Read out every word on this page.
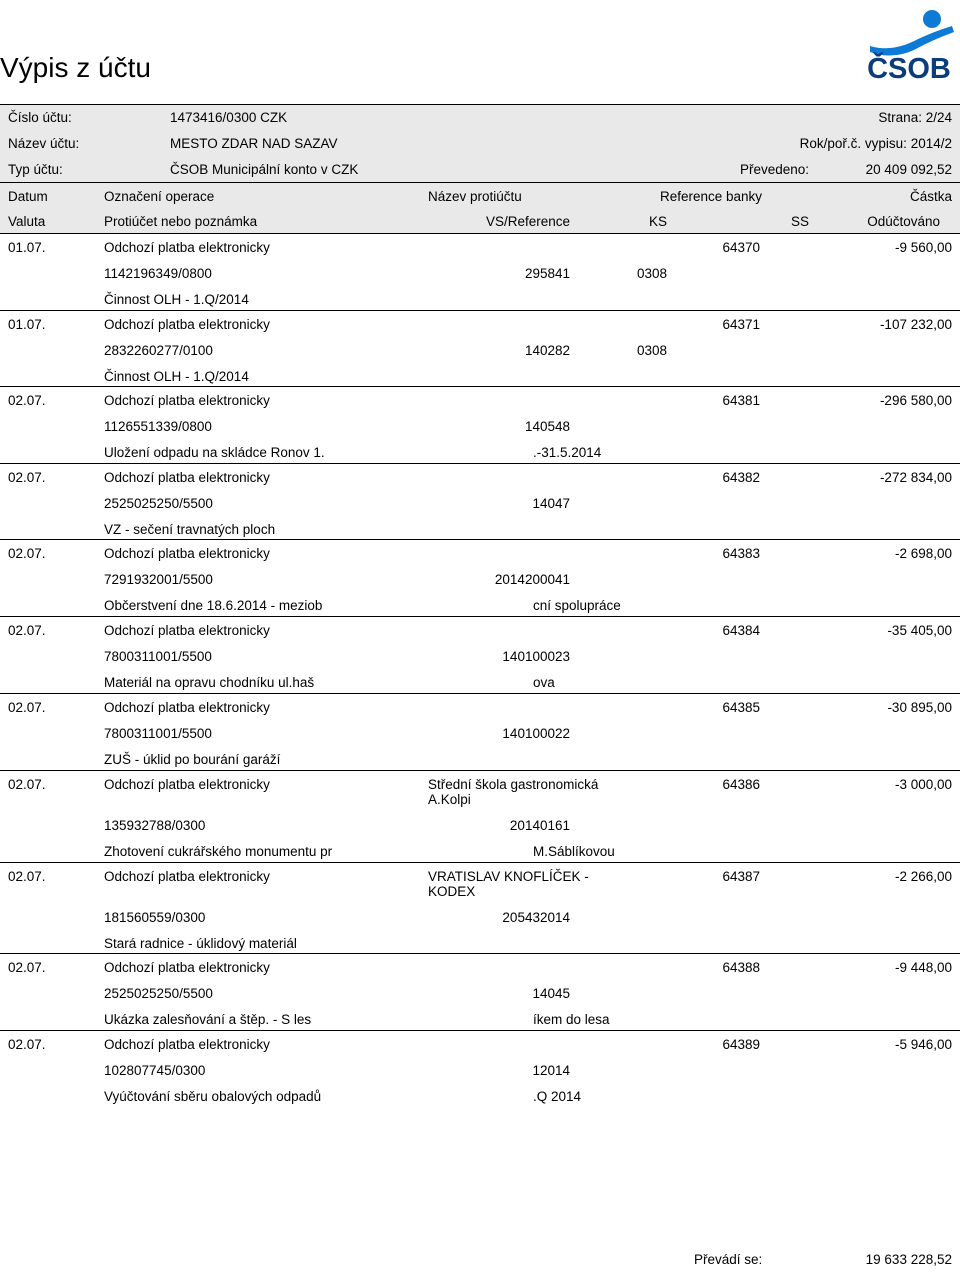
Výpis z účtu	ČSOB
Číslo účtu:	1473416/0300 CZK	Strana: 2/24
Název účtu:	MESTO ZDAR NAD SAZAV	Rok/poř.č. vypisu: 2014/2
Typ účtu:	ČSOB Municipální konto v CZK	Převedeno:	20 409 092,52
Datum	Označení operace	Název protiúčtu	Reference banky	Částka
Valuta	Protiúčet nebo poznámka	VS/Reference	KS	SS	Odúčtováno
01.07.	Odchozí platba elektronicky	64370	-9 560,00
1142196349/0800	295841	0308
Činnost OLH - 1.Q/2014
01.07.	Odchozí platba elektronicky	64371	-107 232,00
2832260277/0100	140282	0308
Činnost OLH - 1.Q/2014
02.07.	Odchozí platba elektronicky	64381	-296 580,00
1126551339/0800	140548
Uložení odpadu na skládce Ronov 1.	.-31.5.2014
02.07.	Odchozí platba elektronicky	64382	-272 834,00
2525025250/5500	14047
VZ - sečení travnatých ploch
02.07.	Odchozí platba elektronicky	64383	-2 698,00
7291932001/5500	2014200041
Občerstvení dne 18.6.2014 - meziob	cní spolupráce
02.07.	Odchozí platba elektronicky	64384	-35 405,00
7800311001/5500	140100023
Materiál na opravu chodníku ul.haš	ova
02.07.	Odchozí platba elektronicky	64385	-30 895,00
7800311001/5500	140100022
ZUŠ - úklid po bourání garáží
02.07.	Odchozí platba elektronicky	Střední škola gastronomická
A.Kolpi
64386	-3 000,00
135932788/0300	20140161
Zhotovení cukrářského monumentu pr	M.Sáblíkovou
02.07.	Odchozí platba elektronicky	VRATISLAV KNOFLÍČEK -
KODEX
64387	-2 266,00
181560559/0300	205432014
Stará radnice - úklidový materiál
02.07.	Odchozí platba elektronicky	64388	-9 448,00
2525025250/5500	14045
Ukázka zalesňování a štěp. - S les	íkem do lesa
02.07.	Odchozí platba elektronicky	64389	-5 946,00
102807745/0300	12014
Vyúčtování sběru obalových odpadů	.Q 2014
Převádí se:	19 633 228,52
